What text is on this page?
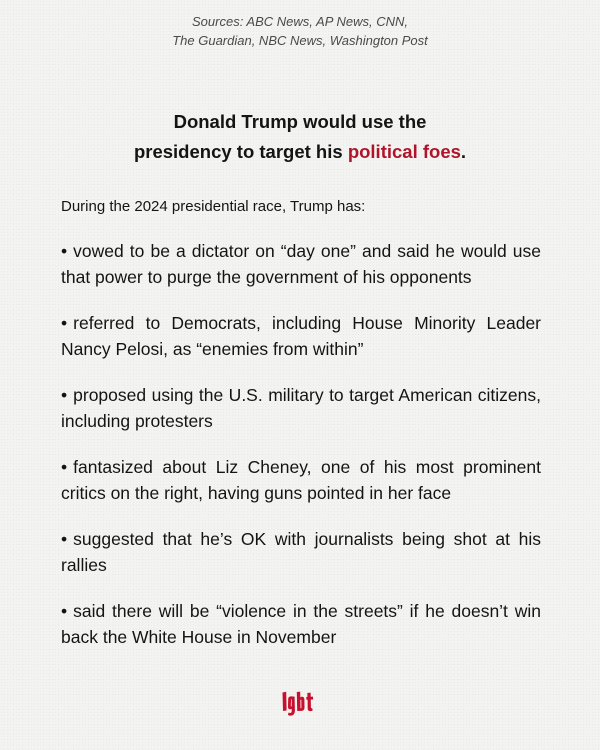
Sources: ABC News, AP News, CNN,
The Guardian, NBC News, Washington Post
Donald Trump would use the
presidency to target his political foes.
During the 2024 presidential race, Trump has:
• vowed to be a dictator on “day one” and said he would use that power to purge the government of his opponents
• referred to Democrats, including House Minority Leader Nancy Pelosi, as “enemies from within”
• proposed using the U.S. military to target American citizens, including protesters
• fantasized about Liz Cheney, one of his most prominent critics on the right, having guns pointed in her face
• suggested that he’s OK with journalists being shot at his rallies
• said there will be “violence in the streets” if he doesn’t win back the White House in November
